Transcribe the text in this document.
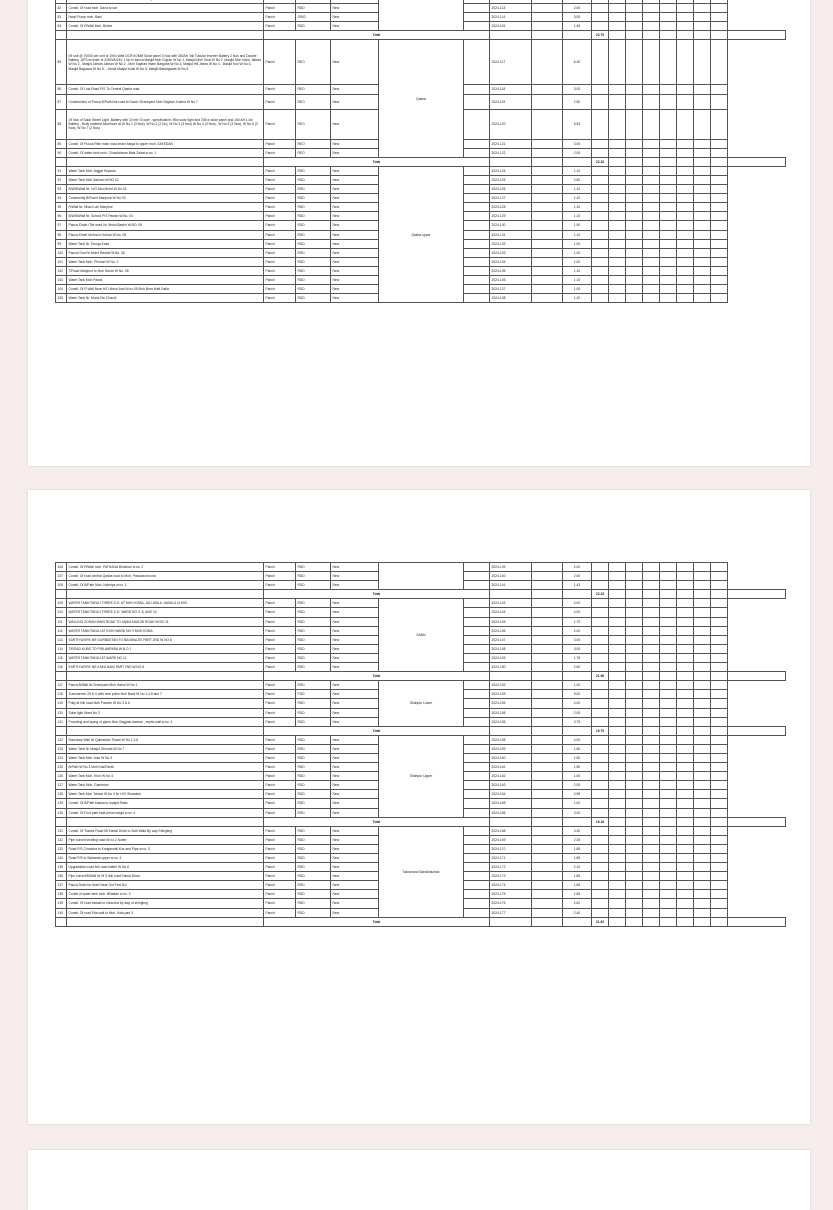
82	Constt. Of road moh. Dana to sar	Panch	RDD	New			2024-113		2.50									
83	Hand Pump moh. Babi	Panch	JSKD	New			2024-114		3.00									
84	Constt. Of R/Wall Moh. Bimbe	Panch	RDD	New			2024-115		1.45									
		Total								22.75								
85	09 unit @ 70000 per unit of 10Kv Watt DCR hOMM Solar panel 3 Nos with 300AH Tall Tubular Inverter Battery 2 Nos and Double Battery ,UPS,Inverter of 3250VA/24V 1 No in sanva Masjid Moh Gujran W No 1, Masjid Moh Toral W No 2 ,Masjid Moh Noho Jabran W No 2 , Masjid Jabran Jabran W No 2 , Moh Sayban Imam Bargaha W No 3, Masjid Hill Jawra W No 4 , Masjid Kuli W No 5, Masjid Baguwra W No 5, , Jamia Masjid Kulai W No 5, Masjid Batangwala W No 6	Panch	REO	New	Qasba		2024-117		6.30									
86	Constt. Of Link Road P/S To Central Qasba road	Panch	REO	New			2024-118		3.00									
87	Construction of Pucca B/Path link road to Dacol /Graveyard Moh Sayban ,Kabna W No 7	Panch	REO	New			2024-119		2.50									
88	19 Nos of Solar Street Light ,Battery with 10 mtr GI pole , specification: 90w solar light and 335 w solar panel and 150 AH 1 ion Battery , Body material Aluminum at W No 1 (3 Nos), W No 2 (2 No), W No 3 (3 Nos) W No 4 (3 Nos) , W No 5 (3 Nos), W No 6 (3 Nos), W No 7 (2 Nos)	Panch	REO	New			2024-120		5.53									
89	Constt. Of Pucca Path main road Imam barga to upper moh. SAYEDAN	Panch	REO	New			2024-121		3.00									
90	Constt. Of water tank moh. Chowkidaran Bala Zairat w.no. 1	Panch	REO	New			2024-122		2.00									
		Total								22.33								
91	Water Tank Moh Jaggal Kiryasla	Panch	RDD	New	Qasba upper		2024-124		1.10									
92	Water Tank Moh Sakhan W.NO.02	Panch	RDD	New			2024-125		0.80									
93	B/W/B/Wall Nr. H/O Abu Mohd W No 02	Panch	RDD	New			2024-126		1.10									
94	Community B/Room Manjmur W No 03	Panch	RDD	New			2024-127		1.10									
95	R/Wall Nr. Nhazi Lan Manjmur	Panch	RDD	New			2024-128		1.10									
96	B/W/B/Wall Nr. School P/S Pawan W.No. 04	Panch	RDD	New			2024-129		1.10									
97	Pacca /Drain /Tile work Nr. Mohd Bashir W.NO. 05	Panch	RDD	New			2024-130		1.50									
98	Pacca /Drain Mohra to Kuban W.No. 05	Panch	RDD	New			2024-131		1.10									
99	Water Tank Nr. Dunga Kasa	Panch	RDD	New			2024-132		1.00									
100	Pacca/ Drai Nr Mohd Rashid W.No. 06	Panch	RDD	New			2024-133		1.00									
101	Water Tank Moh. Phohan W No. 2	Panch	RDD	New			2024-134		1.00									
102	T/Road Manjmur to Moh Noore W No. 08	Panch	RDD	New			2024-135		1.10									
103	Water Tank Moh Pawal	Panch	RDD	New			2024-136		1.10									
104	Constt. Of R Wall Near H/O Mohd Araf W.no.05 Moh Bera Wali Gatla	Panch	RDD	New			2024-137		1.00									
105	Water Tank Nr. Mohd Din Chachi	Panch	RDD	New			2024-138		1.20									
106	Constt. Of R/Wall moh. PATHANA Bhukhan w.no. 2	Panch	RDD	New			2024-139		2.00									
107	Constt. Of road central Qasba road to Moh. Pawada moona	Panch	RDD	New			2024-140		2.50									
108	Constt. Of B/Path Moh. Kaleriya w.no. 1	Panch	RDD	New			2024-141		1.43									
		Total								22.23								
109	WATER TANK/TANUJ THREE S.O. AT MOH KOBA ,JALI WALA ,HAVALA CHOKI	Panch	RDD	New	SANN		2024-143		4.00									
110	WATER TANK/TANUJ THREE S.O. WARD NO 4, 8, AND 10	Panch	RDD	New			2024-144		4.00									
111	WALLING ZORAN MAIN ROAD TO JAMIA MASJID ROAD W NO 11	Panch	RDD	New			2024-145		1.70									
112	WATER TANK/TANUJ AT KOHI WARD NO 9 MOH KOBA	Panch	RDD	New			2024-146		2.00									
113	EARTH WORK NR GURBASTAN TO BAGWALEE PART 2ND W NO 6	Panch	RDD	New			2024-147		3.00									
114	T/ROAD KUBO TO PIRLANPARA W.N.O 1	Panch	RDD	New			2024-148		3.00									
115	WATER TANK/TANUJ AT WARD NO 11	Panch	RDD	New			2024-149		1.78									
116	EARTH WORK NR KAKA NANI PART 2ND W.NO 8	Panch	RDD	New			2024-150		2.50									
		Total								21.98								
117	Pacca B/Wall Nr.Graveyard Moh Hatori W No 1	Panch	RDD	New	Shahpur Lower		2024-152		1.00									
118	Transformer 25 K.V with wire poles Moh Basti W No 1,4,5 and 7	Panch	PDD	New			2024-153		9.00									
119	Pully at link road Moh Pasorie W No 3 & 6	Panch	RDD	New			2024-154		4.00									
120	Solar light Ward No 3	Panch	RDD	New			2024-155		2.00									
121	Providing and laying of pipes Moh Gaggian kwaran , septic wall w.no. 4	Panch	RDD	New			2024-156		3.75									
		Total								19.75								
122	Boundary Wall Nr Qabrastan Thaan W No 1,3,6	Panch	RDD	New	Shahpur Upper		2024-158		4.00									
123	Water Tank Nr Masjid Ghonda W No 7	Panch	RDD	New			2024-159		1.50									
124	Water Tank Moh Jose W No 3	Panch	RDD	New			2024-160		1.50									
125	B/Path W No 3 Moh Kaki/Tarali	Panch	RDD	New			2024-161		1.50									
126	Water Tank Moh. Khor W No 4	Panch	RDD	New			2024-162		1.50									
127	Water Tank Moh. Gamtman	Panch	RDD	New			2024-163		2.00									
128	Water Tank Moh Tahsar W No 3 Nr H/O Sharakuh	Panch	RDD	New			2024-164		0.98									
129	Constt. Of B/Path khawa to masjid Raba	Panch	RDD	New			2024-165		1.00									
130	Constt. Of Foot path bala pirna masjid w.no. 4	Panch	RDD	New			2024-166		3.00									
		Total								16.18								
131	Constt. Of Tractor Road Ml Kamal Dhari to Sulti Wala By way Shingling	Panch	RDD	New	Takochand Sandkhachan		2024-168		3.20									
132	Pipe culvert leveling road W no 2 Nober	Panch	RDD	New			2024-169		2.25									
133	Road P/S Chountra to Kangarwali Koz and Pipe w.no. 3	Panch	RDD	New			2024-170		1.85									
134	Road P/S to Salnwala upper w.no. 4	Panch	RDD	New			2024-171		1.85									
135	Upgradation road link road balleri W No 6	Panch	RDD	New			2024-172		2.10									
136	Pipe culvert/B/Wall Nr M S link road Kamal Dhari	Panch	RDD	New			2024-173		1.85									
137	Pacca Drain for drain Near Gut Part 3rd	Panch	RDD	New			2024-174		1.85									
138	Constt of water tank moh. Bhatkan w.no. 3	Panch	RDD	New			2024-175		1.85									
139	Constt. Of road bawab to chountra by way of shingling	Panch	RDD	New			2024-176		2.62									
140	Constt. Of road Pda wali to Moh. Kala part 3	Panch	RDD	New			2024-177		2.40									
		Total								21.62								
